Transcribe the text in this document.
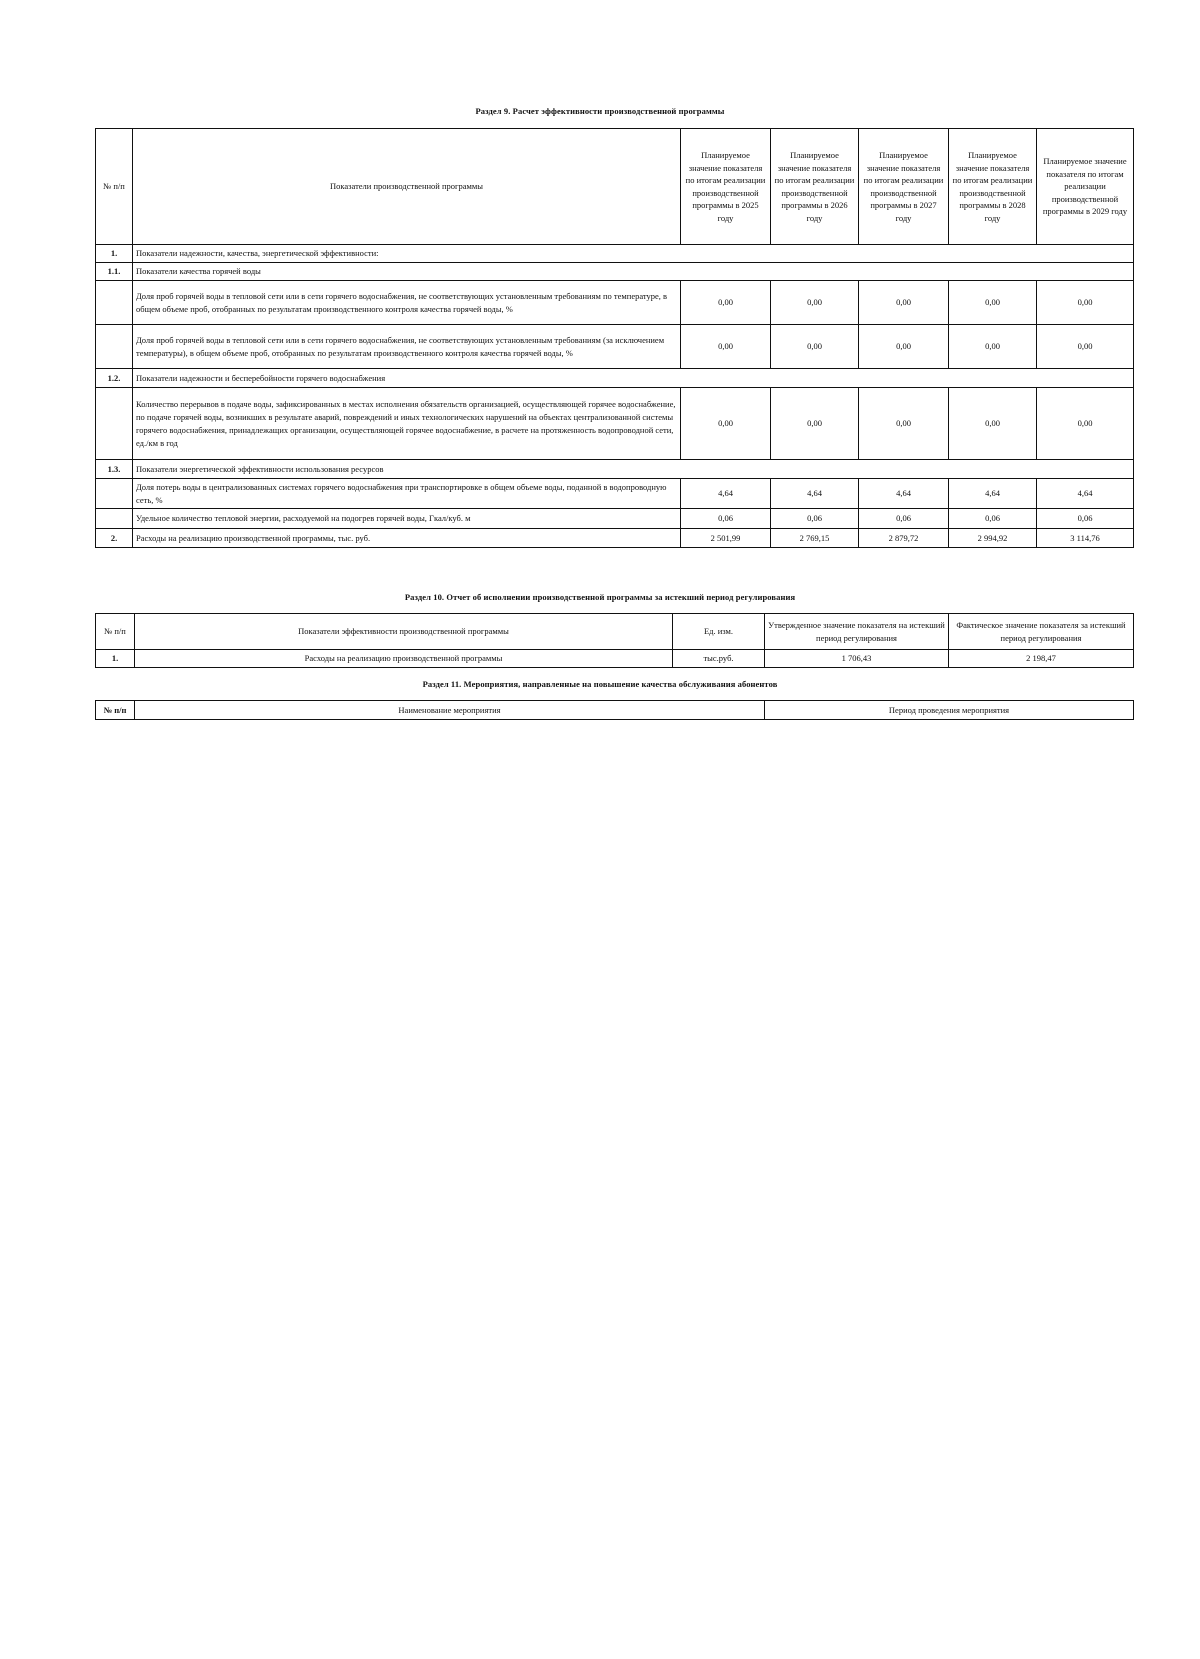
Раздел 9. Расчет эффективности производственной программы
№ п/п	Показатели производственной программы	Планируемое значение показателя по итогам реализации производственной программы в 2025 году	Планируемое значение показателя по итогам реализации производственной программы в 2026 году	Планируемое значение показателя по итогам реализации производственной программы в 2027 году	Планируемое значение показателя по итогам реализации производственной программы в 2028 году	Планируемое значение показателя по итогам реализации производственной программы в 2029 году
1.	Показатели надежности, качества, энергетической эффективности:					
1.1.	Показатели качества горячей воды					
	Доля проб горячей воды в тепловой сети или в сети горячего водоснабжения, не соответствующих установленным требованиям по температуре, в общем объеме проб, отобранных по результатам производственного контроля качества горячей воды, %	0,00	0,00	0,00	0,00	0,00
	Доля проб горячей воды в тепловой сети или в сети горячего водоснабжения, не соответствующих установленным требованиям (за исключением температуры), в общем объеме проб, отобранных по результатам производственного контроля качества горячей воды, %	0,00	0,00	0,00	0,00	0,00
1.2.	Показатели надежности и бесперебойности горячего водоснабжения					
	Количество перерывов в подаче воды, зафиксированных в местах исполнения обязательств организацией, осуществляющей горячее водоснабжение, по подаче горячей воды, возникших в результате аварий, повреждений и иных технологических нарушений на объектах централизованной системы горячего водоснабжения, принадлежащих организации, осуществляющей горячее водоснабжение, в расчете на протяженность водопроводной сети, ед./км в год	0,00	0,00	0,00	0,00	0,00
1.3.	Показатели энергетической эффективности использования ресурсов					
	Доля потерь воды в централизованных системах горячего водоснабжения при транспортировке в общем объеме воды, поданной в водопроводную сеть, %	4,64	4,64	4,64	4,64	4,64
	Удельное количество тепловой энергии, расходуемой на подогрев горячей воды, Гкал/куб. м	0,06	0,06	0,06	0,06	0,06
2.	Расходы на реализацию производственной программы, тыс. руб.	2 501,99	2 769,15	2 879,72	2 994,92	3 114,76
Раздел 10. Отчет об исполнении производственной программы за истекший период регулирования
№ п/п	Показатели эффективности производственной программы	Ед. изм.	Утвержденное значение показателя на истекший период регулирования	Фактическое значение показателя за истекший период регулирования
1.	Расходы на реализацию производственной программы	тыс.руб.	1 706,43	2 198,47
Раздел 11. Мероприятия, направленные на повышение качества обслуживания абонентов
№ п/п	Наименование мероприятия	Период проведения мероприятия
